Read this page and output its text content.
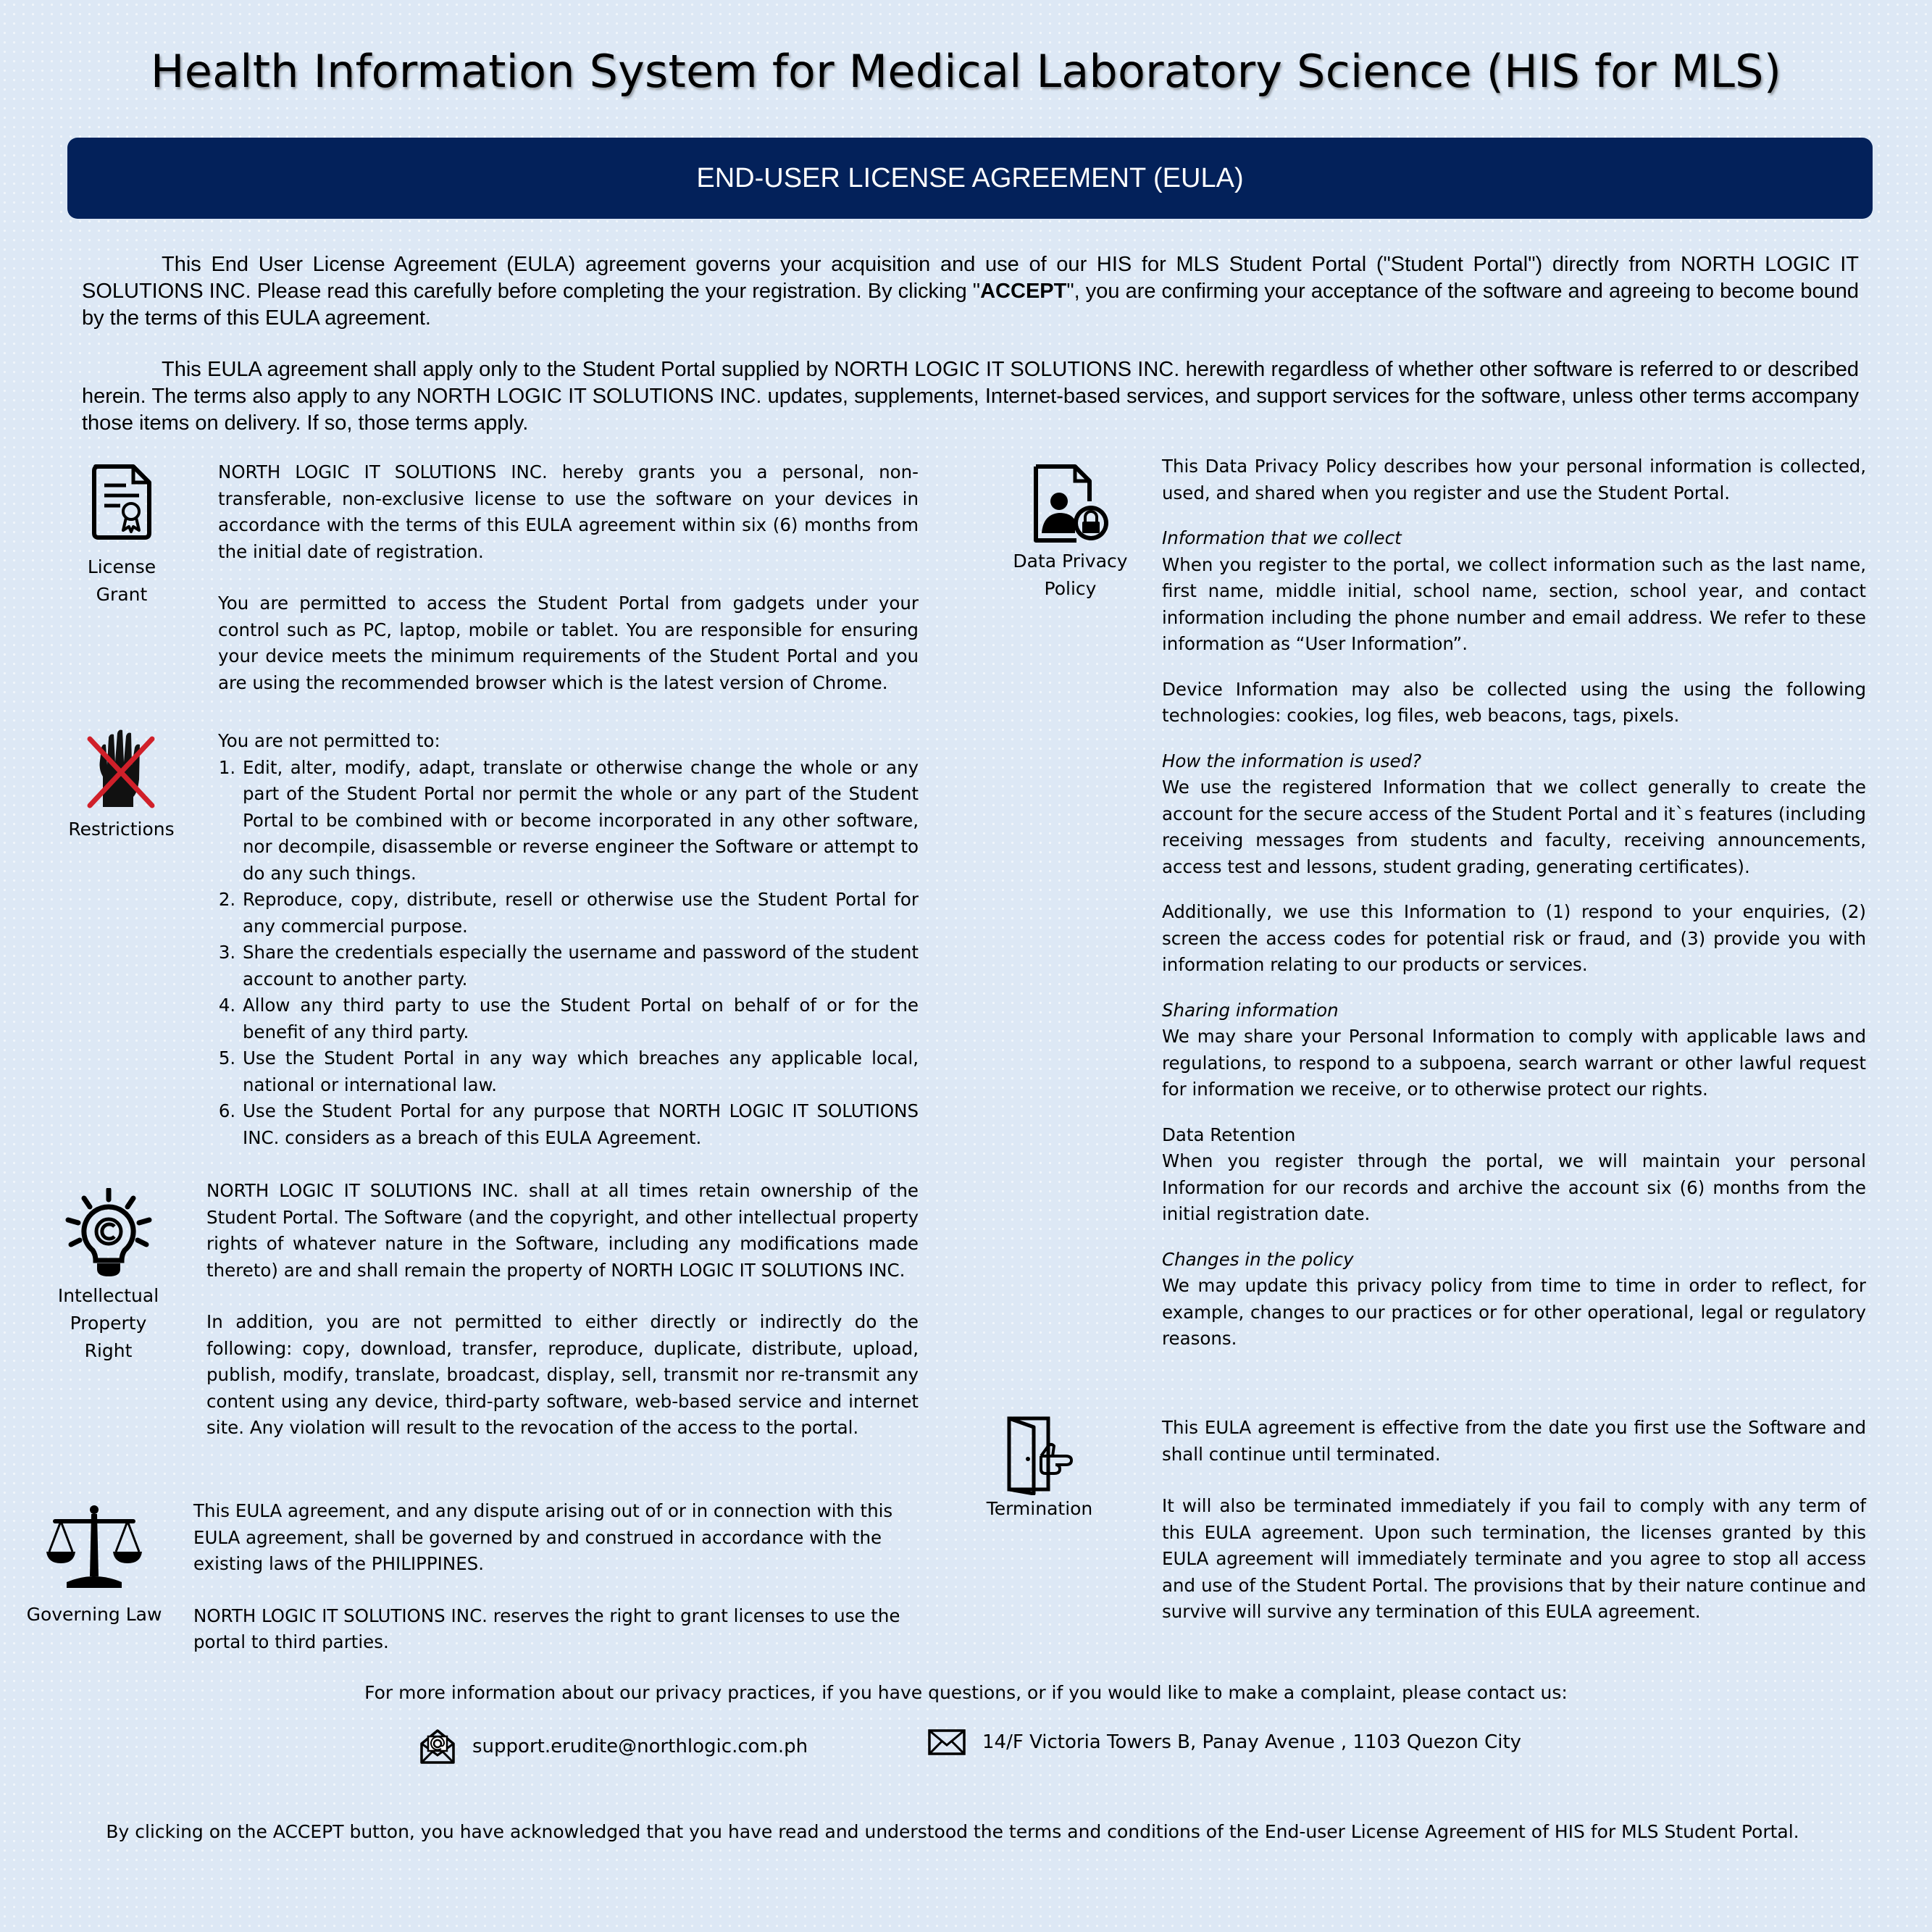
Health Information System for Medical Laboratory Science (HIS for MLS)
END-USER LICENSE AGREEMENT (EULA)

This End User License Agreement (EULA) agreement governs your acquisition and use of our HIS for MLS Student Portal ("Student Portal") directly from NORTH LOGIC IT SOLUTIONS INC. Please read this carefully before completing the your registration. By clicking "ACCEPT", you are confirming your acceptance of the software and agreeing to become bound by the terms of this EULA agreement.

This EULA agreement shall apply only to the Student Portal supplied by NORTH LOGIC IT SOLUTIONS INC. herewith regardless of whether other software is referred to or described herein. The terms also apply to any NORTH LOGIC IT SOLUTIONS INC. updates, supplements, Internet-based services, and support services for the software, unless other terms accompany those items on delivery. If so, those terms apply.

License
Grant

NORTH LOGIC IT SOLUTIONS INC. hereby grants you a personal, non-transferable, non-exclusive license to use the software on your devices in accordance with the terms of this EULA agreement within six (6) months from the initial date of registration.

You are permitted to access the Student Portal from gadgets under your control such as PC, laptop, mobile or tablet. You are responsible for ensuring your device meets the minimum requirements of the Student Portal and you are using the recommended browser which is the latest version of Chrome.

Restrictions

You are not permitted to:

1. Edit, alter, modify, adapt, translate or otherwise change the whole or any part of the Student Portal nor permit the whole or any part of the Student Portal to be combined with or become incorporated in any other software, nor decompile, disassemble or reverse engineer the Software or attempt to do any such things.
2. Reproduce, copy, distribute, resell or otherwise use the Student Portal for any commercial purpose.
3. Share the credentials especially the username and password of the student account to another party.
4. Allow any third party to use the Student Portal on behalf of or for the benefit of any third party.
5. Use the Student Portal in any way which breaches any applicable local, national or international law.
6. Use the Student Portal for any purpose that NORTH LOGIC IT SOLUTIONS INC. considers as a breach of this EULA Agreement.
Intellectual
Property
Right

NORTH LOGIC IT SOLUTIONS INC. shall at all times retain ownership of the Student Portal. The Software (and the copyright, and other intellectual property rights of whatever nature in the Software, including any modifications made thereto) are and shall remain the property of NORTH LOGIC IT SOLUTIONS INC.

In addition, you are not permitted to either directly or indirectly do the following: copy, download, transfer, reproduce, duplicate, distribute, upload, publish, modify, translate, broadcast, display, sell, transmit nor re-transmit any content using any device, third-party software, web-based service and internet site. Any violation will result to the revocation of the access to the portal.

Governing Law

This EULA agreement, and any dispute arising out of or in connection with this EULA agreement, shall be governed by and construed in accordance with the existing laws of the PHILIPPINES.

NORTH LOGIC IT SOLUTIONS INC. reserves the right to grant licenses to use the portal to third parties.

Data Privacy
Policy

This Data Privacy Policy describes how your personal information is collected, used, and shared when you register and use the Student Portal.

Information that we collect

When you register to the portal, we collect information such as the last name, first name, middle initial, school name, section, school year, and contact information including the phone number and email address. We refer to these information as “User Information”.

Device Information may also be collected using the using the following technologies: cookies, log files, web beacons, tags, pixels.

How the information is used?

We use the registered Information that we collect generally to create the account for the secure access of the Student Portal and it`s features (including receiving messages from students and faculty, receiving announcements, access test and lessons, student grading, generating certificates).

Additionally, we use this Information to (1) respond to your enquiries, (2) screen the access codes for potential risk or fraud, and (3) provide you with information relating to our products or services.

Sharing information

We may share your Personal Information to comply with applicable laws and regulations, to respond to a subpoena, search warrant or other lawful request for information we receive, or to otherwise protect our rights.

Data Retention

When you register through the portal, we will maintain your personal Information for our records and archive the account six (6) months from the initial registration date.

Changes in the policy

We may update this privacy policy from time to time in order to reflect, for example, changes to our practices or for other operational, legal or regulatory reasons.

Termination

This EULA agreement is effective from the date you first use the Software and shall continue until terminated.

It will also be terminated immediately if you fail to comply with any term of this EULA agreement. Upon such termination, the licenses granted by this EULA agreement will immediately terminate and you agree to stop all access and use of the Student Portal. The provisions that by their nature continue and survive will survive any termination of this EULA agreement.

For more information about our privacy practices, if you have questions, or if you would like to make a complaint, please contact us:
support.erudite@northlogic.com.ph	14/F Victoria Towers B, Panay Avenue , 1103 Quezon City
By clicking on the ACCEPT button, you have acknowledged that you have read and understood the terms and conditions of the End-user License Agreement of HIS for MLS Student Portal.
